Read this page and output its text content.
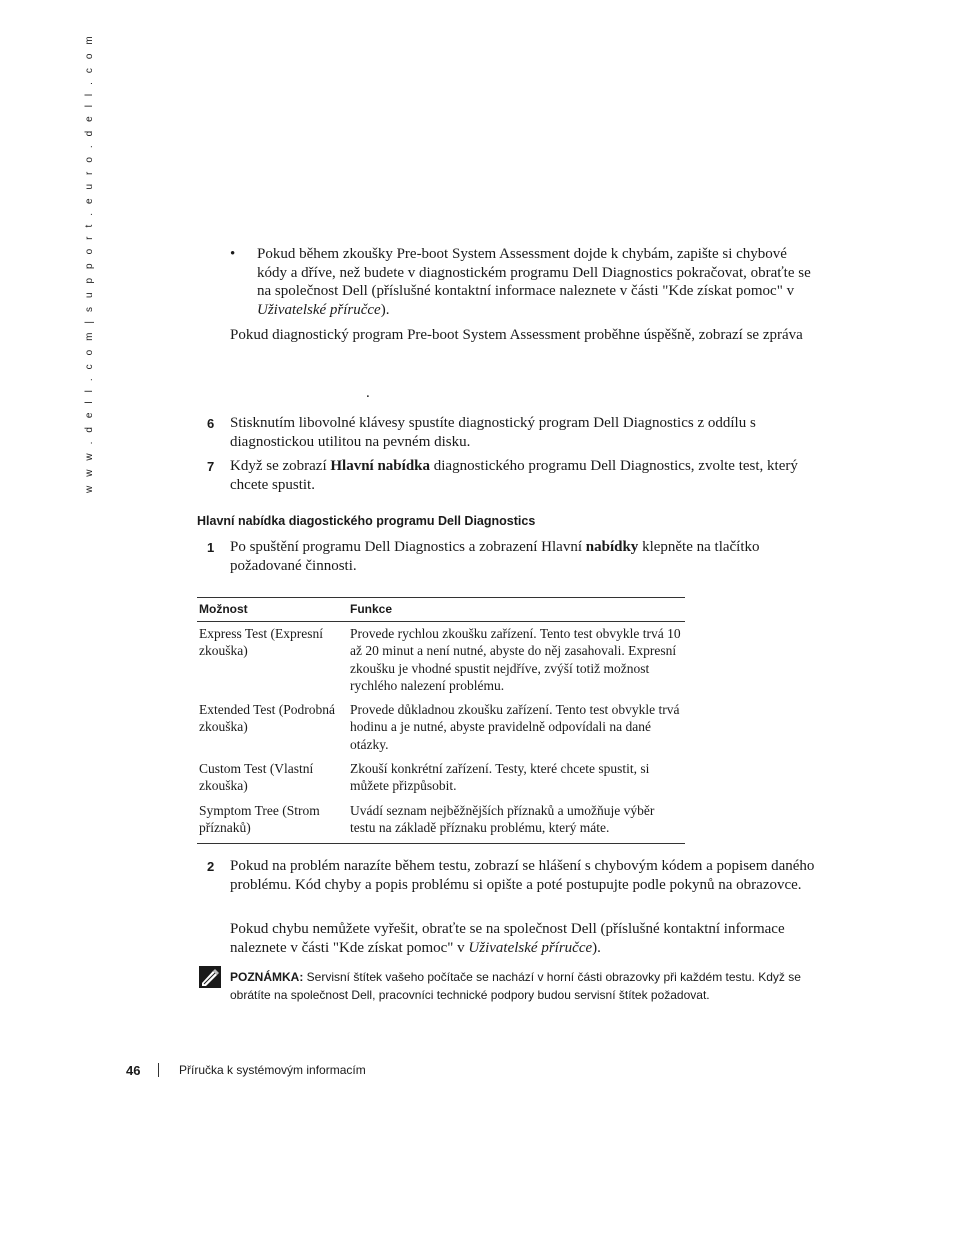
w w w . d e l l . c o m | s u p p o r t . e u r o . d e l l . c o m	• Pokud během zkoušky Pre-boot System Assessment dojde k chybám, zapište si chybové kódy a dříve, než budete v diagnostickém programu Dell Diagnostics pokračovat, obraťte se na společnost Dell (příslušné kontaktní informace naleznete v části "Kde získat pomoc" v Uživatelské příručce).
Pokud diagnostický program Pre-boot System Assessment proběhne úspěšně, zobrazí se zpráva
.
6 Stisknutím libovolné klávesy spustíte diagnostický program Dell Diagnostics z oddílu s diagnostickou utilitou na pevném disku.
7 Když se zobrazí Hlavní nabídka diagnostického programu Dell Diagnostics, zvolte test, který chcete spustit.
Hlavní nabídka diagostického programu Dell Diagnostics
1 Po spuštění programu Dell Diagnostics a zobrazení Hlavní nabídky klepněte na tlačítko požadované činnosti.
Možnost	Funkce
Express Test (Expresní zkouška)	Provede rychlou zkoušku zařízení. Tento test obvykle trvá 10 až 20 minut a není nutné, abyste do něj zasahovali. Expresní zkoušku je vhodné spustit nejdříve, zvýší totiž možnost rychlého nalezení problému.
Extended Test (Podrobná zkouška)	Provede důkladnou zkoušku zařízení. Tento test obvykle trvá hodinu a je nutné, abyste pravidelně odpovídali na dané otázky.
Custom Test (Vlastní zkouška)	Zkouší konkrétní zařízení. Testy, které chcete spustit, si můžete přizpůsobit.
Symptom Tree (Strom příznaků)	Uvádí seznam nejběžnějších příznaků a umožňuje výběr testu na základě příznaku problému, který máte.
2 Pokud na problém narazíte během testu, zobrazí se hlášení s chybovým kódem a popisem daného problému. Kód chyby a popis problému si opište a poté postupujte podle pokynů na obrazovce.
Pokud chybu nemůžete vyřešit, obraťte se na společnost Dell (příslušné kontaktní informace naleznete v části "Kde získat pomoc" v Uživatelské příručce).
POZNÁMKA: Servisní štítek vašeho počítače se nachází v horní části obrazovky při každém testu. Když se obrátíte na společnost Dell, pracovníci technické podpory budou servisní štítek požadovat.
46	Příručka k systémovým informacím
